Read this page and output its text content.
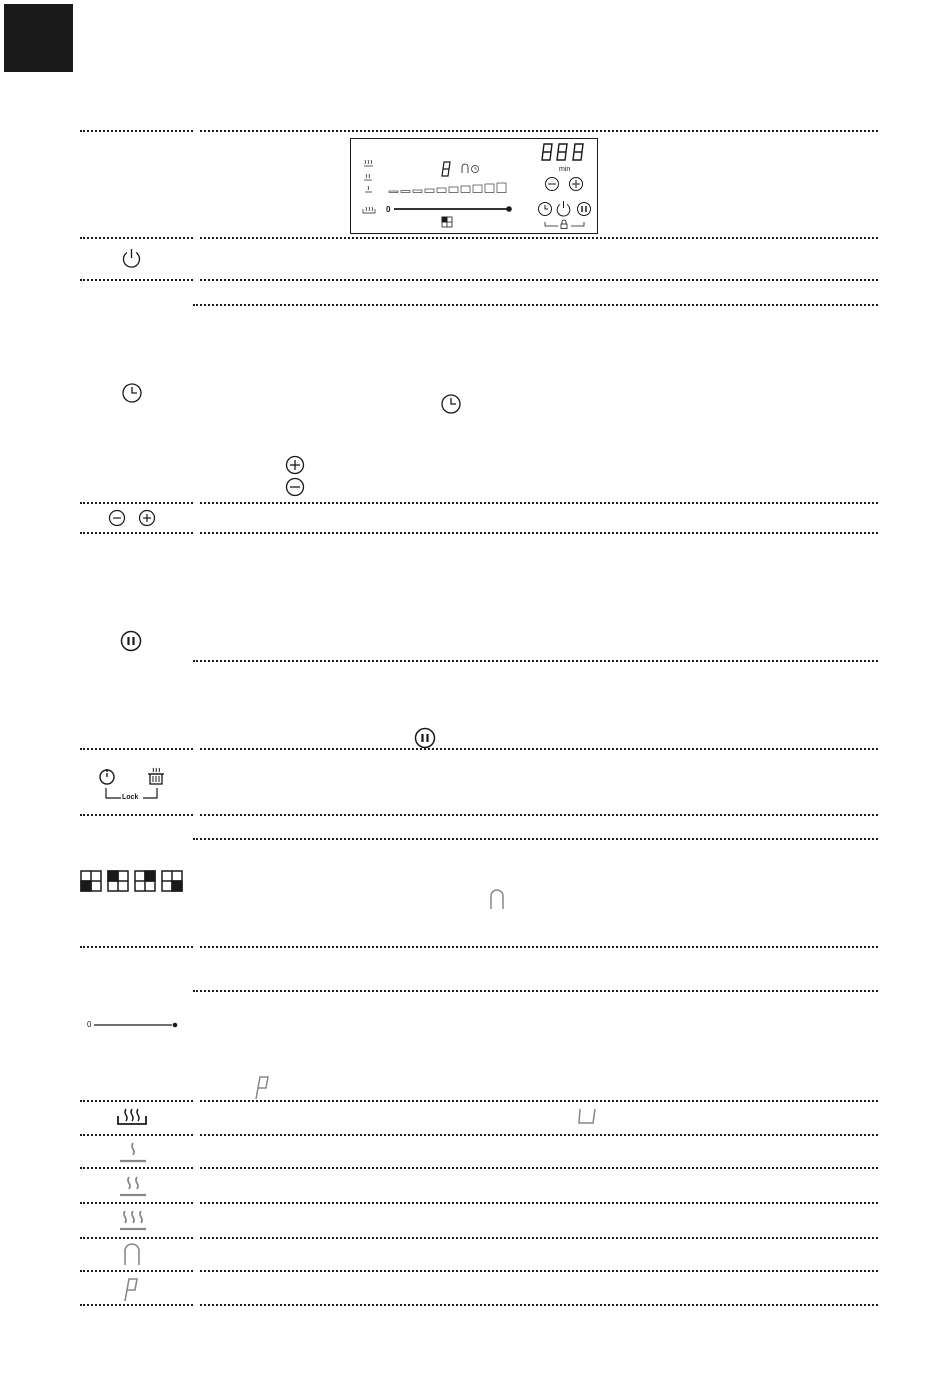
min
0
Lock
0
